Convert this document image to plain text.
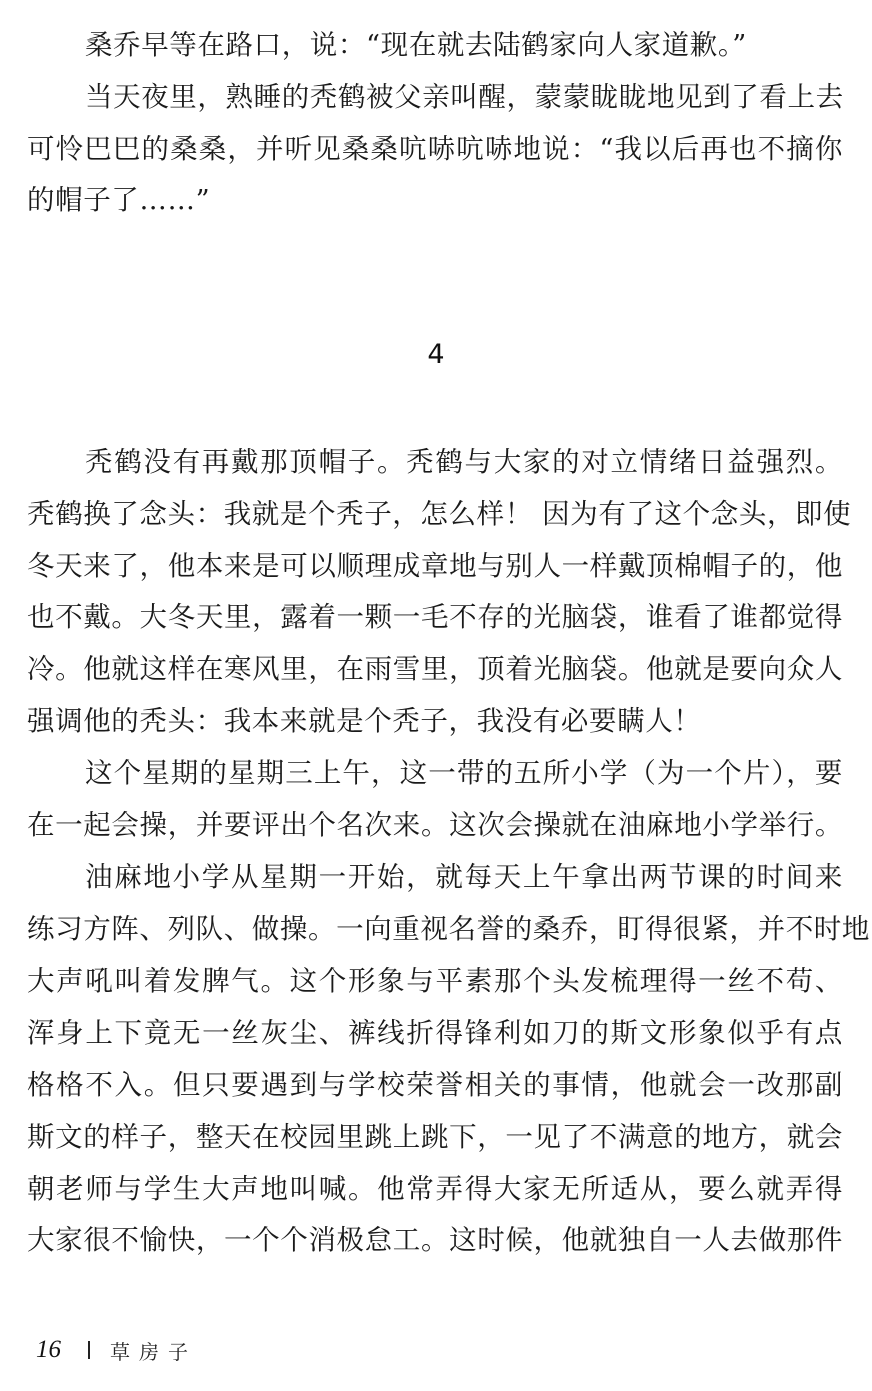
桑乔早等在路口，说：“现在就去陆鹤家向人家道歉。”
当天夜里，熟睡的秃鹤被父亲叫醒，蒙蒙眬眬地见到了看上去
可怜巴巴的桑桑，并听见桑桑吭哧吭哧地说：“我以后再也不摘你
的帽子了……”
4
秃鹤没有再戴那顶帽子。秃鹤与大家的对立情绪日益强烈。
秃鹤换了念头：我就是个秃子，怎么样！ 因为有了这个念头，即使
冬天来了，他本来是可以顺理成章地与别人一样戴顶棉帽子的，他
也不戴。大冬天里，露着一颗一毛不存的光脑袋，谁看了谁都觉得
冷。他就这样在寒风里，在雨雪里，顶着光脑袋。他就是要向众人
强调他的秃头：我本来就是个秃子，我没有必要瞒人！
这个星期的星期三上午，这一带的五所小学（为一个片），要
在一起会操，并要评出个名次来。这次会操就在油麻地小学举行。
油麻地小学从星期一开始，就每天上午拿出两节课的时间来
练习方阵、列队、做操。一向重视名誉的桑乔，盯得很紧，并不时地
大声吼叫着发脾气。这个形象与平素那个头发梳理得一丝不苟、
浑身上下竟无一丝灰尘、裤线折得锋利如刀的斯文形象似乎有点
格格不入。但只要遇到与学校荣誉相关的事情，他就会一改那副
斯文的样子，整天在校园里跳上跳下，一见了不满意的地方，就会
朝老师与学生大声地叫喊。他常弄得大家无所适从，要么就弄得
大家很不愉快，一个个消极怠工。这时候，他就独自一人去做那件
16	草房子
